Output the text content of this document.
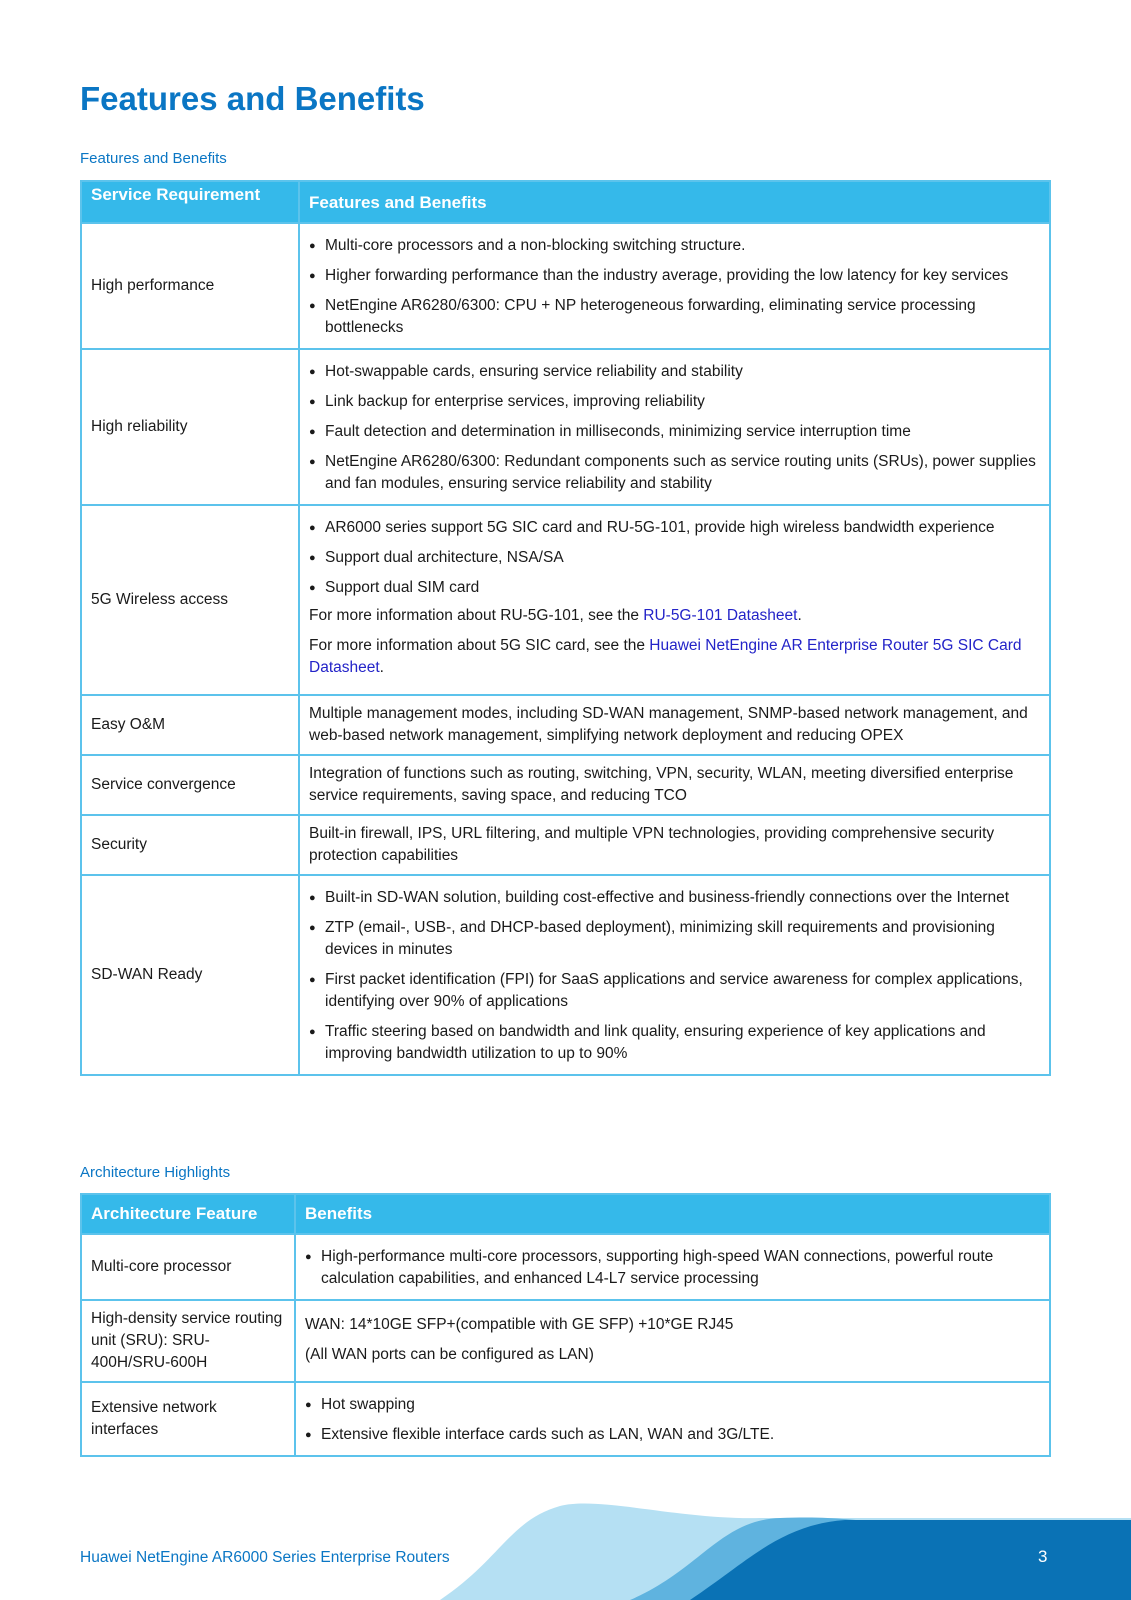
Features and Benefits
Features and Benefits
Service Requirement	Features and Benefits
High performance	
● Multi-core processors and a non-blocking switching structure.
● Higher forwarding performance than the industry average, providing the low latency for key services
● NetEngine AR6280/6300: CPU + NP heterogeneous forwarding, eliminating service processing bottlenecks

High reliability	
● Hot-swappable cards, ensuring service reliability and stability
● Link backup for enterprise services, improving reliability
● Fault detection and determination in milliseconds, minimizing service interruption time
● NetEngine AR6280/6300: Redundant components such as service routing units (SRUs), power supplies and fan modules, ensuring service reliability and stability

5G Wireless access	
● AR6000 series support 5G SIC card and RU-5G-101, provide high wireless bandwidth experience
● Support dual architecture, NSA/SA
● Support dual SIM card

For more information about RU-5G-101, see the RU-5G-101 Datasheet.

For more information about 5G SIC card, see the Huawei NetEngine AR Enterprise Router 5G SIC Card Datasheet.

Easy O&M	Multiple management modes, including SD-WAN management, SNMP-based network management, and web-based network management, simplifying network deployment and reducing OPEX
Service convergence	Integration of functions such as routing, switching, VPN, security, WLAN, meeting diversified enterprise service requirements, saving space, and reducing TCO
Security	Built-in firewall, IPS, URL filtering, and multiple VPN technologies, providing comprehensive security protection capabilities
SD-WAN Ready	
● Built-in SD-WAN solution, building cost-effective and business-friendly connections over the Internet
● ZTP (email-, USB-, and DHCP-based deployment), minimizing skill requirements and provisioning devices in minutes
● First packet identification (FPI) for SaaS applications and service awareness for complex applications, identifying over 90% of applications
● Traffic steering based on bandwidth and link quality, ensuring experience of key applications and improving bandwidth utilization to up to 90%
Architecture Highlights
Architecture Feature	Benefits
Multi-core processor	
● High-performance multi-core processors, supporting high-speed WAN connections, powerful route calculation capabilities, and enhanced L4-L7 service processing

High-density service routing unit (SRU): SRU-400H/SRU-600H	WAN: 14*10GE SFP+(compatible with GE SFP) +10*GE RJ45

(All WAN ports can be configured as LAN)

Extensive network interfaces	
● Hot swapping
● Extensive flexible interface cards such as LAN, WAN and 3G/LTE.
Huawei NetEngine AR6000 Series Enterprise Routers	3
